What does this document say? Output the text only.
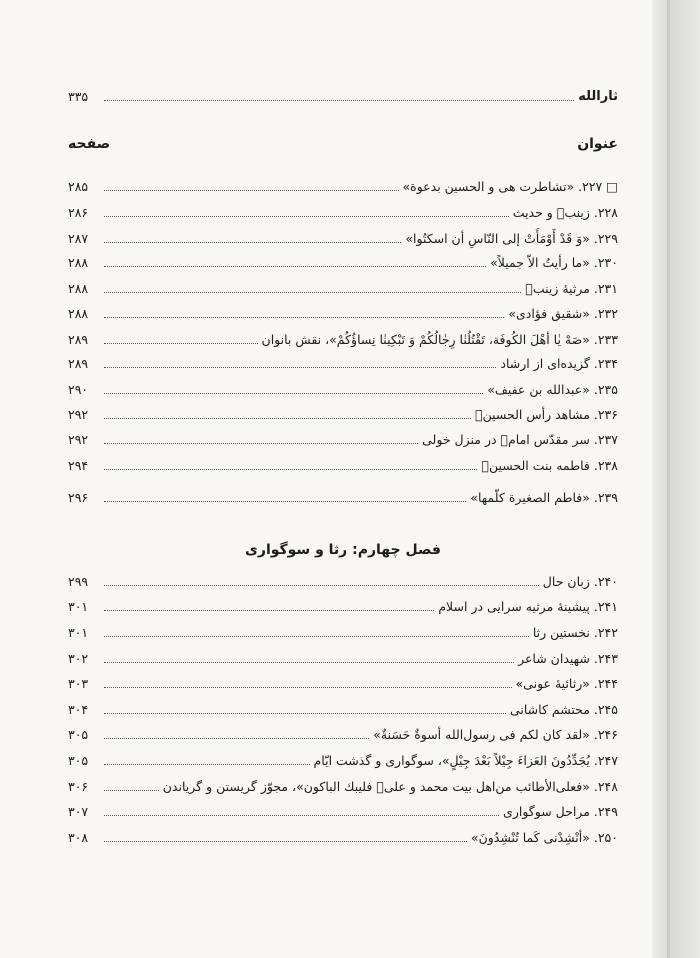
ثارالله
۳۳۵
عنوان
صفحه
□ ۲۲۷. «تشاطرت هی و الحسین بدعوة»
۲۸۵
۲۲۸. زینبؑ و حدیث
۲۸۶
۲۲۹. «وَ قَدْ أَوْمَأَتْ إلى النّاسِ أن اسكتُوا»
۲۸۷
۲۳۰. «ما رأیتُ الاّ جمیلاً»
۲۸۸
۲۳۱. مرثیهٔ زینبؑ
۲۸۸
۲۳۲. «شقیق فؤادی»
۲۸۸
۲۳۳. «صَهْ یٰا أهْلَ الكُوفَة، تَقْتُلُنٰا رِجٰالُكُمْ وَ تَبْكِینٰا نِساؤُكُمْ»، نقش بانوان
۲۸۹
۲۳۴. گزیده‌ای از ارشاد
۲۸۹
۲۳۵. «عبدالله بن عفیف»
۲۹۰
۲۳۶. مشاهد رأس الحسینؑ
۲۹۲
۲۳۷. سر مقدّس امامؑ در منزل خولی
۲۹۲
۲۳۸. فاطمه بنت الحسینؑ
۲۹۴
۲۳۹. «فاطم الصغیرة كلّمها»
۲۹۶
فصل چهارم: رثا و سوگواری
۲۴۰. زبان حال
۲۹۹
۲۴۱. پیشینهٔ مرثیه سرایی در اسلام
۳۰۱
۲۴۲. نخستین رثا
۳۰۱
۲۴۳. شهیدان شاعر
۳۰۲
۲۴۴. «رثائیهٔ عونی»
۳۰۳
۲۴۵. محتشم كاشانی
۳۰۴
۲۴۶. «لقد كان لكم فی رسول‌الله أسوةٌ حَسَنةٌ»
۳۰۵
۲۴۷. یُجَدِّدُونَ العَزاءَ جِیْلاً بَعْدَ جِیْلٍ»، سوگواری و گذشت ایّام
۳۰۵
۲۴۸. «فعلی‌الأطائب من‌اهل بیت محمد و علیؑ فلیبك الباكون»، مجوّز گریستن و گریاندن
۳۰۶
۲۴۹. مراحل سوگواری
۳۰۷
۲۵۰. «أنْشِدْنی كَما تُنْشِدُونَ»
۳۰۸
